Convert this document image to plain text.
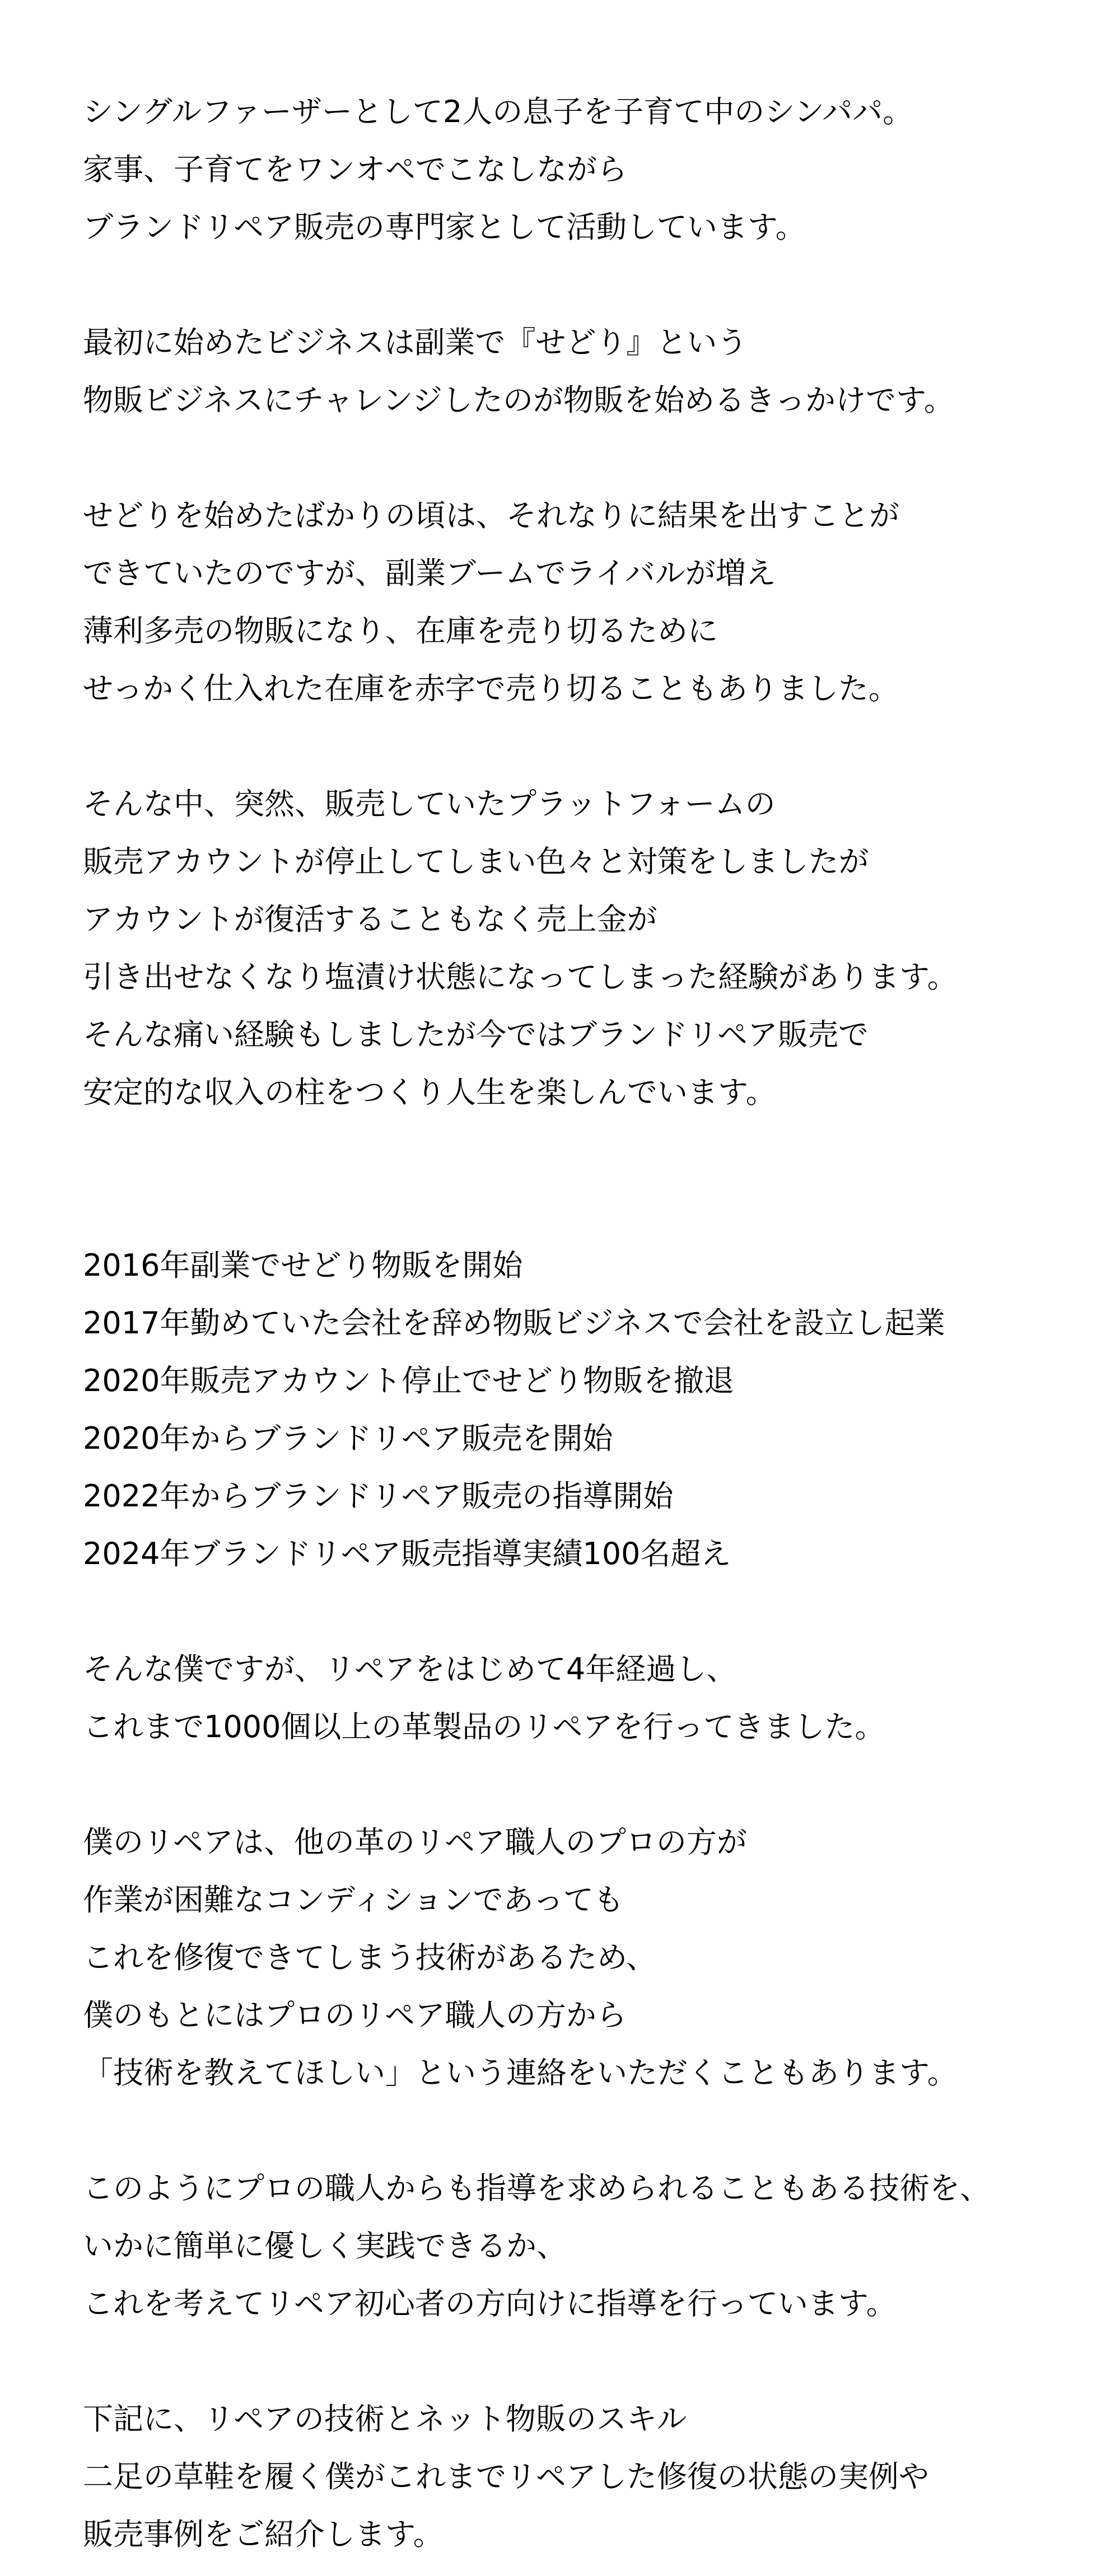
シングルファーザーとして2人の息子を子育て中のシンパパ。
家事、子育てをワンオペでこなしながら
ブランドリペア販売の専門家として活動しています。
最初に始めたビジネスは副業で『せどり』という
物販ビジネスにチャレンジしたのが物販を始めるきっかけです。
せどりを始めたばかりの頃は、それなりに結果を出すことが
できていたのですが、副業ブームでライバルが増え
薄利多売の物販になり、在庫を売り切るために
せっかく仕入れた在庫を赤字で売り切ることもありました。
そんな中、突然、販売していたプラットフォームの
販売アカウントが停止してしまい色々と対策をしましたが
アカウントが復活することもなく売上金が
引き出せなくなり塩漬け状態になってしまった経験があります。
そんな痛い経験もしましたが今ではブランドリペア販売で
安定的な収入の柱をつくり人生を楽しんでいます。
2016年副業でせどり物販を開始
2017年勤めていた会社を辞め物販ビジネスで会社を設立し起業
2020年販売アカウント停止でせどり物販を撤退
2020年からブランドリペア販売を開始
2022年からブランドリペア販売の指導開始
2024年ブランドリペア販売指導実績100名超え
そんな僕ですが、リペアをはじめて4年経過し、
これまで1000個以上の革製品のリペアを行ってきました。
僕のリペアは、他の革のリペア職人のプロの方が
作業が困難なコンディションであっても
これを修復できてしまう技術があるため、
僕のもとにはプロのリペア職人の方から
「技術を教えてほしい」という連絡をいただくこともあります。
このようにプロの職人からも指導を求められることもある技術を、
いかに簡単に優しく実践できるか、
これを考えてリペア初心者の方向けに指導を行っています。
下記に、リペアの技術とネット物販のスキル
二足の草鞋を履く僕がこれまでリペアした修復の状態の実例や
販売事例をご紹介します。
